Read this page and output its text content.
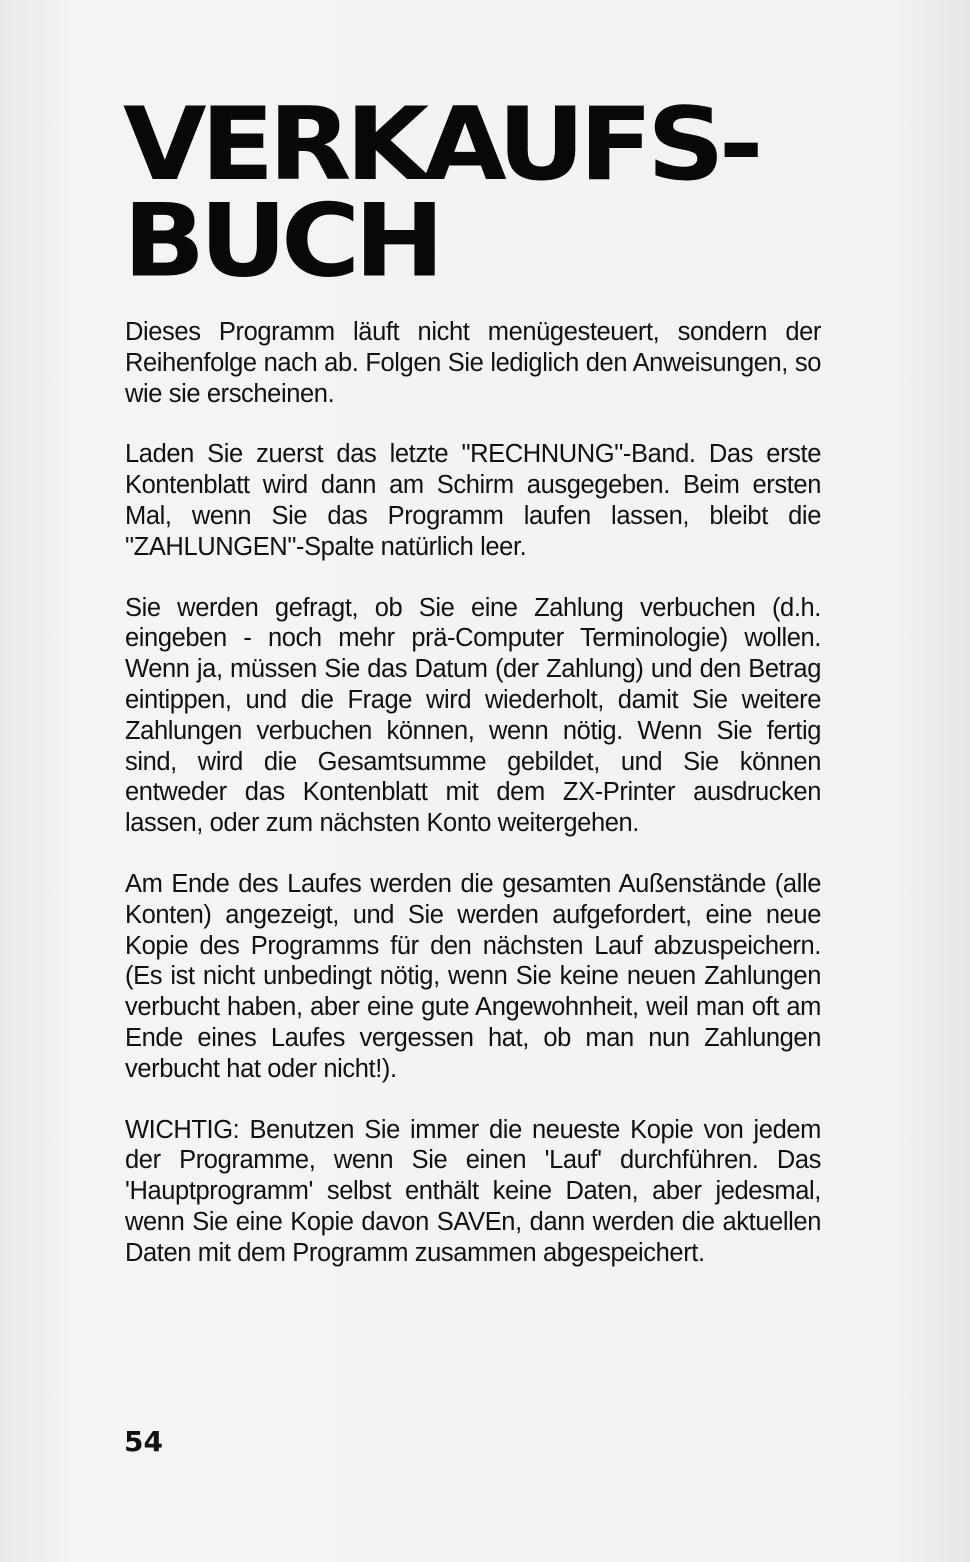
VERKAUFS-
BUCH

Dieses Programm läuft nicht menügesteuert, sondern der Reihenfolge nach ab. Folgen Sie lediglich den Anweisungen, so wie sie erscheinen.

Laden Sie zuerst das letzte "RECHNUNG"-Band. Das erste Kontenblatt wird dann am Schirm ausgegeben. Beim ersten Mal, wenn Sie das Programm laufen lassen, bleibt die "ZAHLUNGEN"-Spalte natürlich leer.

Sie werden gefragt, ob Sie eine Zahlung verbuchen (d.h. eingeben - noch mehr prä-Computer Terminologie) wollen. Wenn ja, müssen Sie das Datum (der Zahlung) und den Betrag eintippen, und die Frage wird wiederholt, damit Sie weitere Zahlungen verbuchen können, wenn nötig. Wenn Sie fertig sind, wird die Gesamtsumme gebildet, und Sie können entweder das Kontenblatt mit dem ZX-Printer ausdrucken lassen, oder zum nächsten Konto weitergehen.

Am Ende des Laufes werden die gesamten Außenstände (alle Konten) angezeigt, und Sie werden aufgefordert, eine neue Kopie des Programms für den nächsten Lauf abzuspeichern. (Es ist nicht unbedingt nötig, wenn Sie keine neuen Zahlungen verbucht haben, aber eine gute Angewohnheit, weil man oft am Ende eines Laufes vergessen hat, ob man nun Zahlungen verbucht hat oder nicht!).

WICHTIG: Benutzen Sie immer die neueste Kopie von jedem der Programme, wenn Sie einen 'Lauf' durchführen. Das 'Hauptprogramm' selbst enthält keine Daten, aber jedesmal, wenn Sie eine Kopie davon SAVEn, dann werden die aktuellen Daten mit dem Programm zusammen abgespeichert.

54
